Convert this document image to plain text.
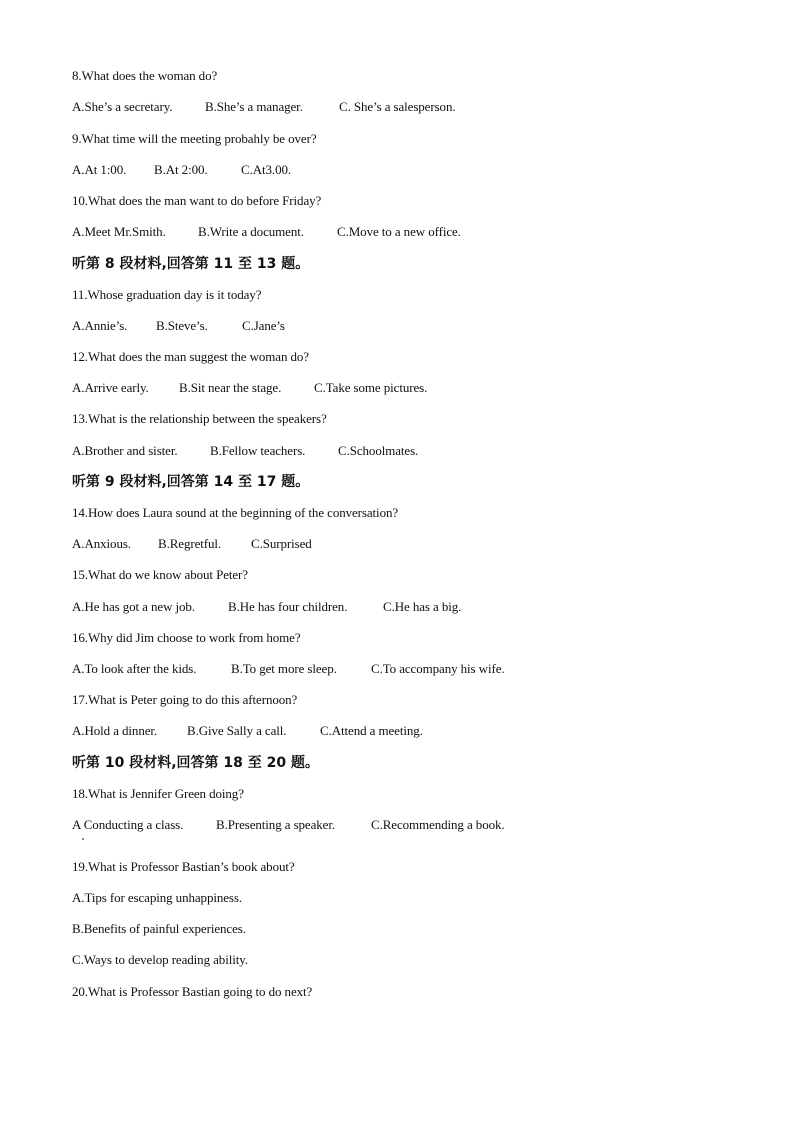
8.What does the woman do?
A.She’s a secretary.	B.She’s a manager.	C. She’s a salesperson.
9.What time will the meeting probahly be over?
A.At 1:00. B.At 2:00.	C.At3.00.
10.What does the man want to do before Friday?
A.Meet Mr.Smith. B.Write a document.	C.Move to a new office.
听第 8 段材料,回答第 11 至 13 题。
11.Whose graduation day is it today?
A.Annie’s. B.Steve’s.	C.Jane’s
12.What does the man suggest the woman do?
A.Arrive early. B.Sit near the stage.	C.Take some pictures.
13.What is the relationship between the speakers?
A.Brother and sister.	B.Fellow teachers.	C.Schoolmates.
听第 9 段材料,回答第 14 至 17 题。
14.How does Laura sound at the beginning of the conversation?
A.Anxious. B.Regretful. C.Surprised
15.What do we know about Peter?
A.He has got a new job.	B.He has four children.	C.He has a big.
16.Why did Jim choose to work from home?
A.To look after the kids.	B.To get more sleep.	C.To accompany his wife.
17.What is Peter going to do this afternoon?
A.Hold a dinner. B.Give Sally a call.	C.Attend a meeting.
听第 10 段材料,回答第 18 至 20 题。
18.What is Jennifer Green doing?
A Conducting a class.	B.Presenting a speaker.	C.Recommending a book.
19.What is Professor Bastian’s book about?
A.Tips for escaping unhappiness.
B.Benefits of painful experiences.
C.Ways to develop reading ability.
20.What is Professor Bastian going to do next?
